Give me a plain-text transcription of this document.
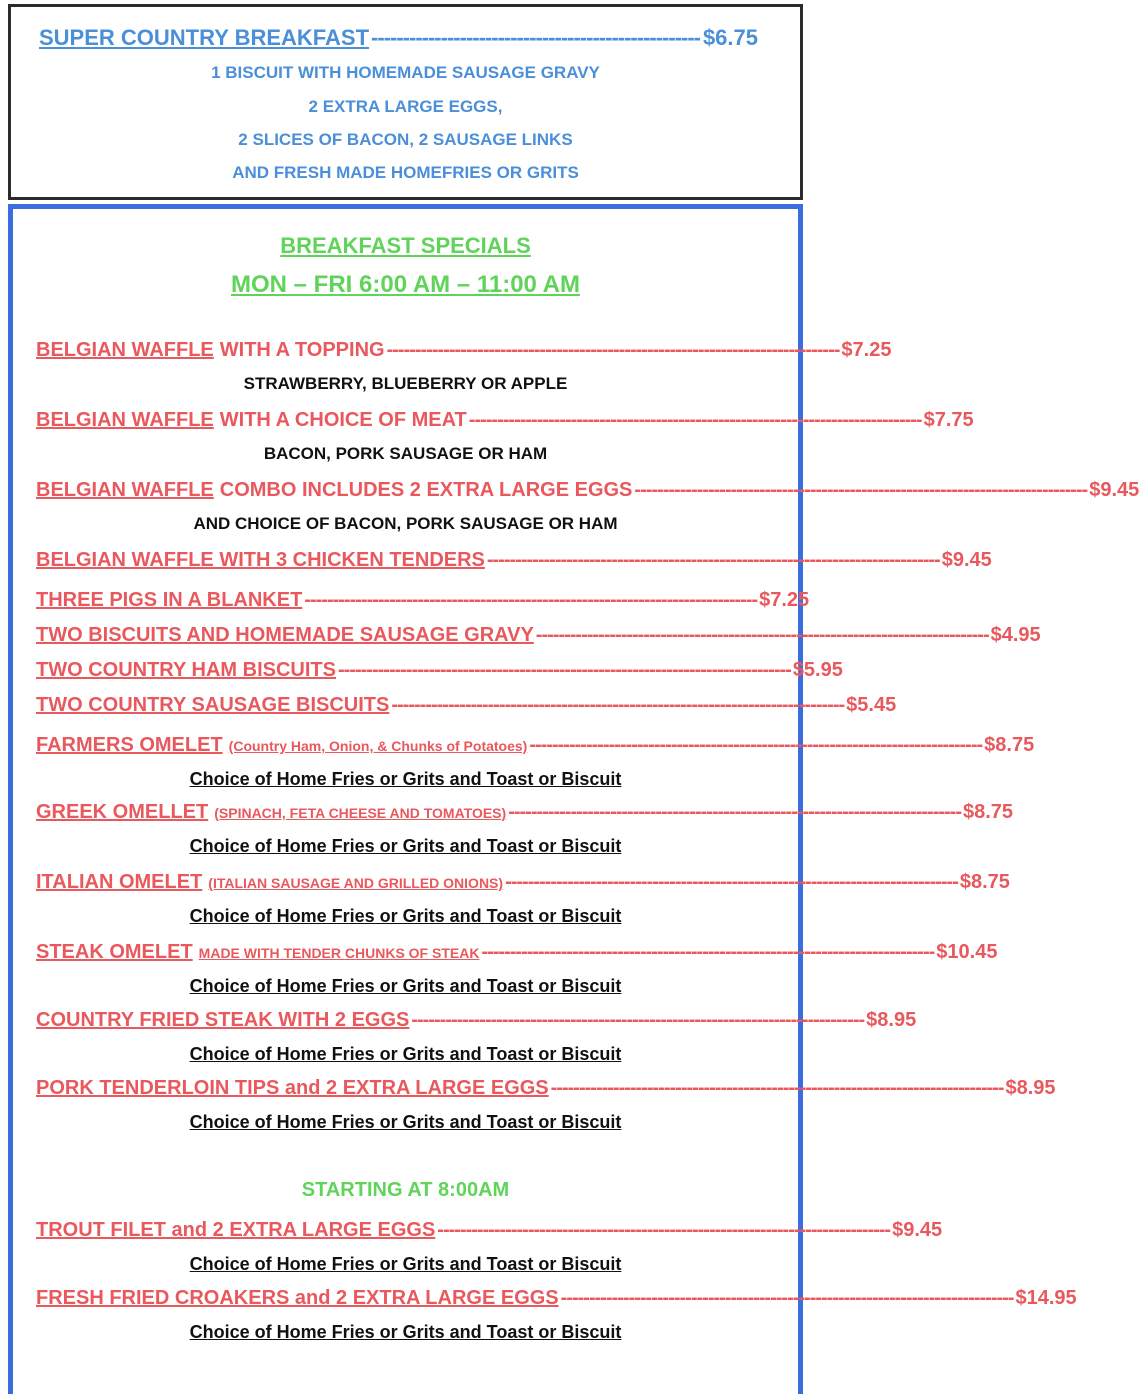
SUPER COUNTRY BREAKFAST ---------------------------------------------------- $6.75
1 BISCUIT WITH HOMEMADE SAUSAGE GRAVY
2 EXTRA LARGE EGGS,
2 SLICES OF BACON, 2 SAUSAGE LINKS
AND FRESH MADE HOMEFRIES OR GRITS
BREAKFAST SPECIALS
MON – FRI 6:00 AM – 11:00 AM
BELGIAN WAFFLE WITH A TOPPING -------------------------------------------------------------------------------- $7.25
STRAWBERRY, BLUEBERRY OR APPLE
BELGIAN WAFFLE WITH A CHOICE OF MEAT -------------------------------------------------------------------------------- $7.75
BACON, PORK SAUSAGE OR HAM
BELGIAN WAFFLE COMBO INCLUDES 2 EXTRA LARGE EGGS -------------------------------------------------------------------------------- $9.45
AND CHOICE OF BACON, PORK SAUSAGE OR HAM
BELGIAN WAFFLE WITH 3 CHICKEN TENDERS -------------------------------------------------------------------------------- $9.45
THREE PIGS IN A BLANKET -------------------------------------------------------------------------------- $7.25
TWO BISCUITS AND HOMEMADE SAUSAGE GRAVY -------------------------------------------------------------------------------- $4.95
TWO COUNTRY HAM BISCUITS -------------------------------------------------------------------------------- $5.95
TWO COUNTRY SAUSAGE BISCUITS -------------------------------------------------------------------------------- $5.45
FARMERS OMELET (Country Ham, Onion, & Chunks of Potatoes) -------------------------------------------------------------------------------- $8.75
Choice of Home Fries or Grits and Toast or Biscuit
GREEK OMELLET (SPINACH, FETA CHEESE AND TOMATOES) -------------------------------------------------------------------------------- $8.75
Choice of Home Fries or Grits and Toast or Biscuit
ITALIAN OMELET (ITALIAN SAUSAGE AND GRILLED ONIONS) -------------------------------------------------------------------------------- $8.75
Choice of Home Fries or Grits and Toast or Biscuit
STEAK OMELET MADE WITH TENDER CHUNKS OF STEAK -------------------------------------------------------------------------------- $10.45
Choice of Home Fries or Grits and Toast or Biscuit
COUNTRY FRIED STEAK WITH 2 EGGS -------------------------------------------------------------------------------- $8.95
Choice of Home Fries or Grits and Toast or Biscuit
PORK TENDERLOIN TIPS and 2 EXTRA LARGE EGGS -------------------------------------------------------------------------------- $8.95
Choice of Home Fries or Grits and Toast or Biscuit
STARTING AT 8:00AM
TROUT FILET and 2 EXTRA LARGE EGGS -------------------------------------------------------------------------------- $9.45
Choice of Home Fries or Grits and Toast or Biscuit
FRESH FRIED CROAKERS and 2 EXTRA LARGE EGGS -------------------------------------------------------------------------------- $14.95
Choice of Home Fries or Grits and Toast or Biscuit
